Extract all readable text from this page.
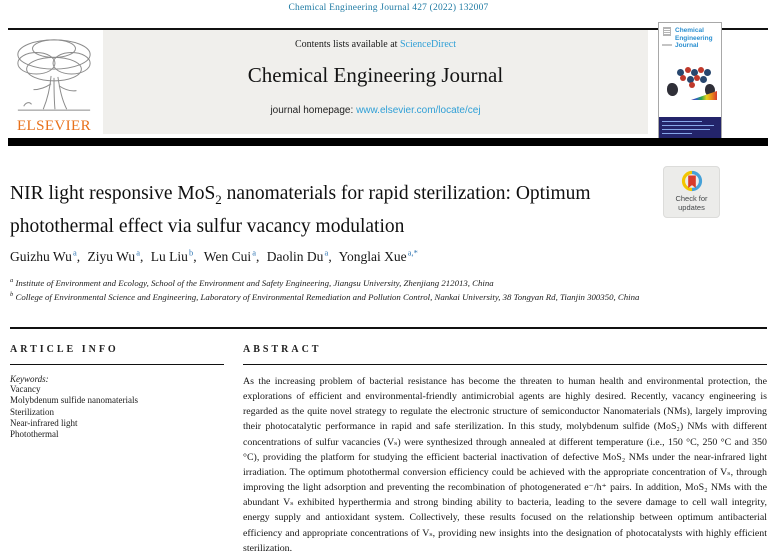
Chemical Engineering Journal 427 (2022) 132007
ELSEVIER
Contents lists available at ScienceDirect
Chemical Engineering Journal
journal homepage: www.elsevier.com/locate/cej
Chemical
Engineering
Journal
NIR light responsive MoS$_2$ nanomaterials for rapid sterilization: Optimum photothermal effect via sulfur vacancy modulation
Check for
updates
Guizhu Wu $^a$, Ziyu Wu $^a$, Lu Liu $^b$, Wen Cui $^a$, Daolin Du $^a$, Yonglai Xue $^{a,*}$
$^a$ Institute of Environment and Ecology, School of the Environment and Safety Engineering, Jiangsu University, Zhenjiang 212013, China
$^b$ College of Environmental Science and Engineering, Laboratory of Environmental Remediation and Pollution Control, Nankai University, 38 Tongyan Rd, Tianjin 300350, China
ARTICLE INFO
Keywords:
Vacancy
Molybdenum sulfide nanomaterials
Sterilization
Near-infrared light
Photothermal
ABSTRACT
As the increasing problem of bacterial resistance has become the threaten to human health and environmental protection, the explorations of efficient and environmental-friendly antimicrobial agents are highly desired. Recently, vacancy engineering is regarded as the quite novel strategy to regulate the electronic structure of semiconductor Nanomaterials (NMs), largely improving their photocatalytic performance in rapid and safe sterilization. In this study, molybdenum sulfide (MoS₂) NMs with different concentrations of sulfur vacancies (Vₛ) were synthesized through annealed at different temperature (i.e., 150 °C, 250 °C and 350 °C), providing the platform for studying the efficient bacterial inactivation of defective MoS₂ NMs under the near-infrared light irradiation. The optimum photothermal conversion efficiency could be achieved with the appropriate concentration of Vₛ, through improving the light adsorption and preventing the recombination of photogenerated e⁻/h⁺ pairs. In addition, MoS₂ NMs with the abundant Vₛ exhibited hyperthermia and strong binding ability to bacteria, leading to the severe damage to cell wall integrity, energy supply and antioxidant system. Collectively, these results focused on the relationship between optimum antibacterial efficiency and appropriate concentrations of Vₛ, providing new insights into the designation of photocatalysts with highly efficient sterilization.
